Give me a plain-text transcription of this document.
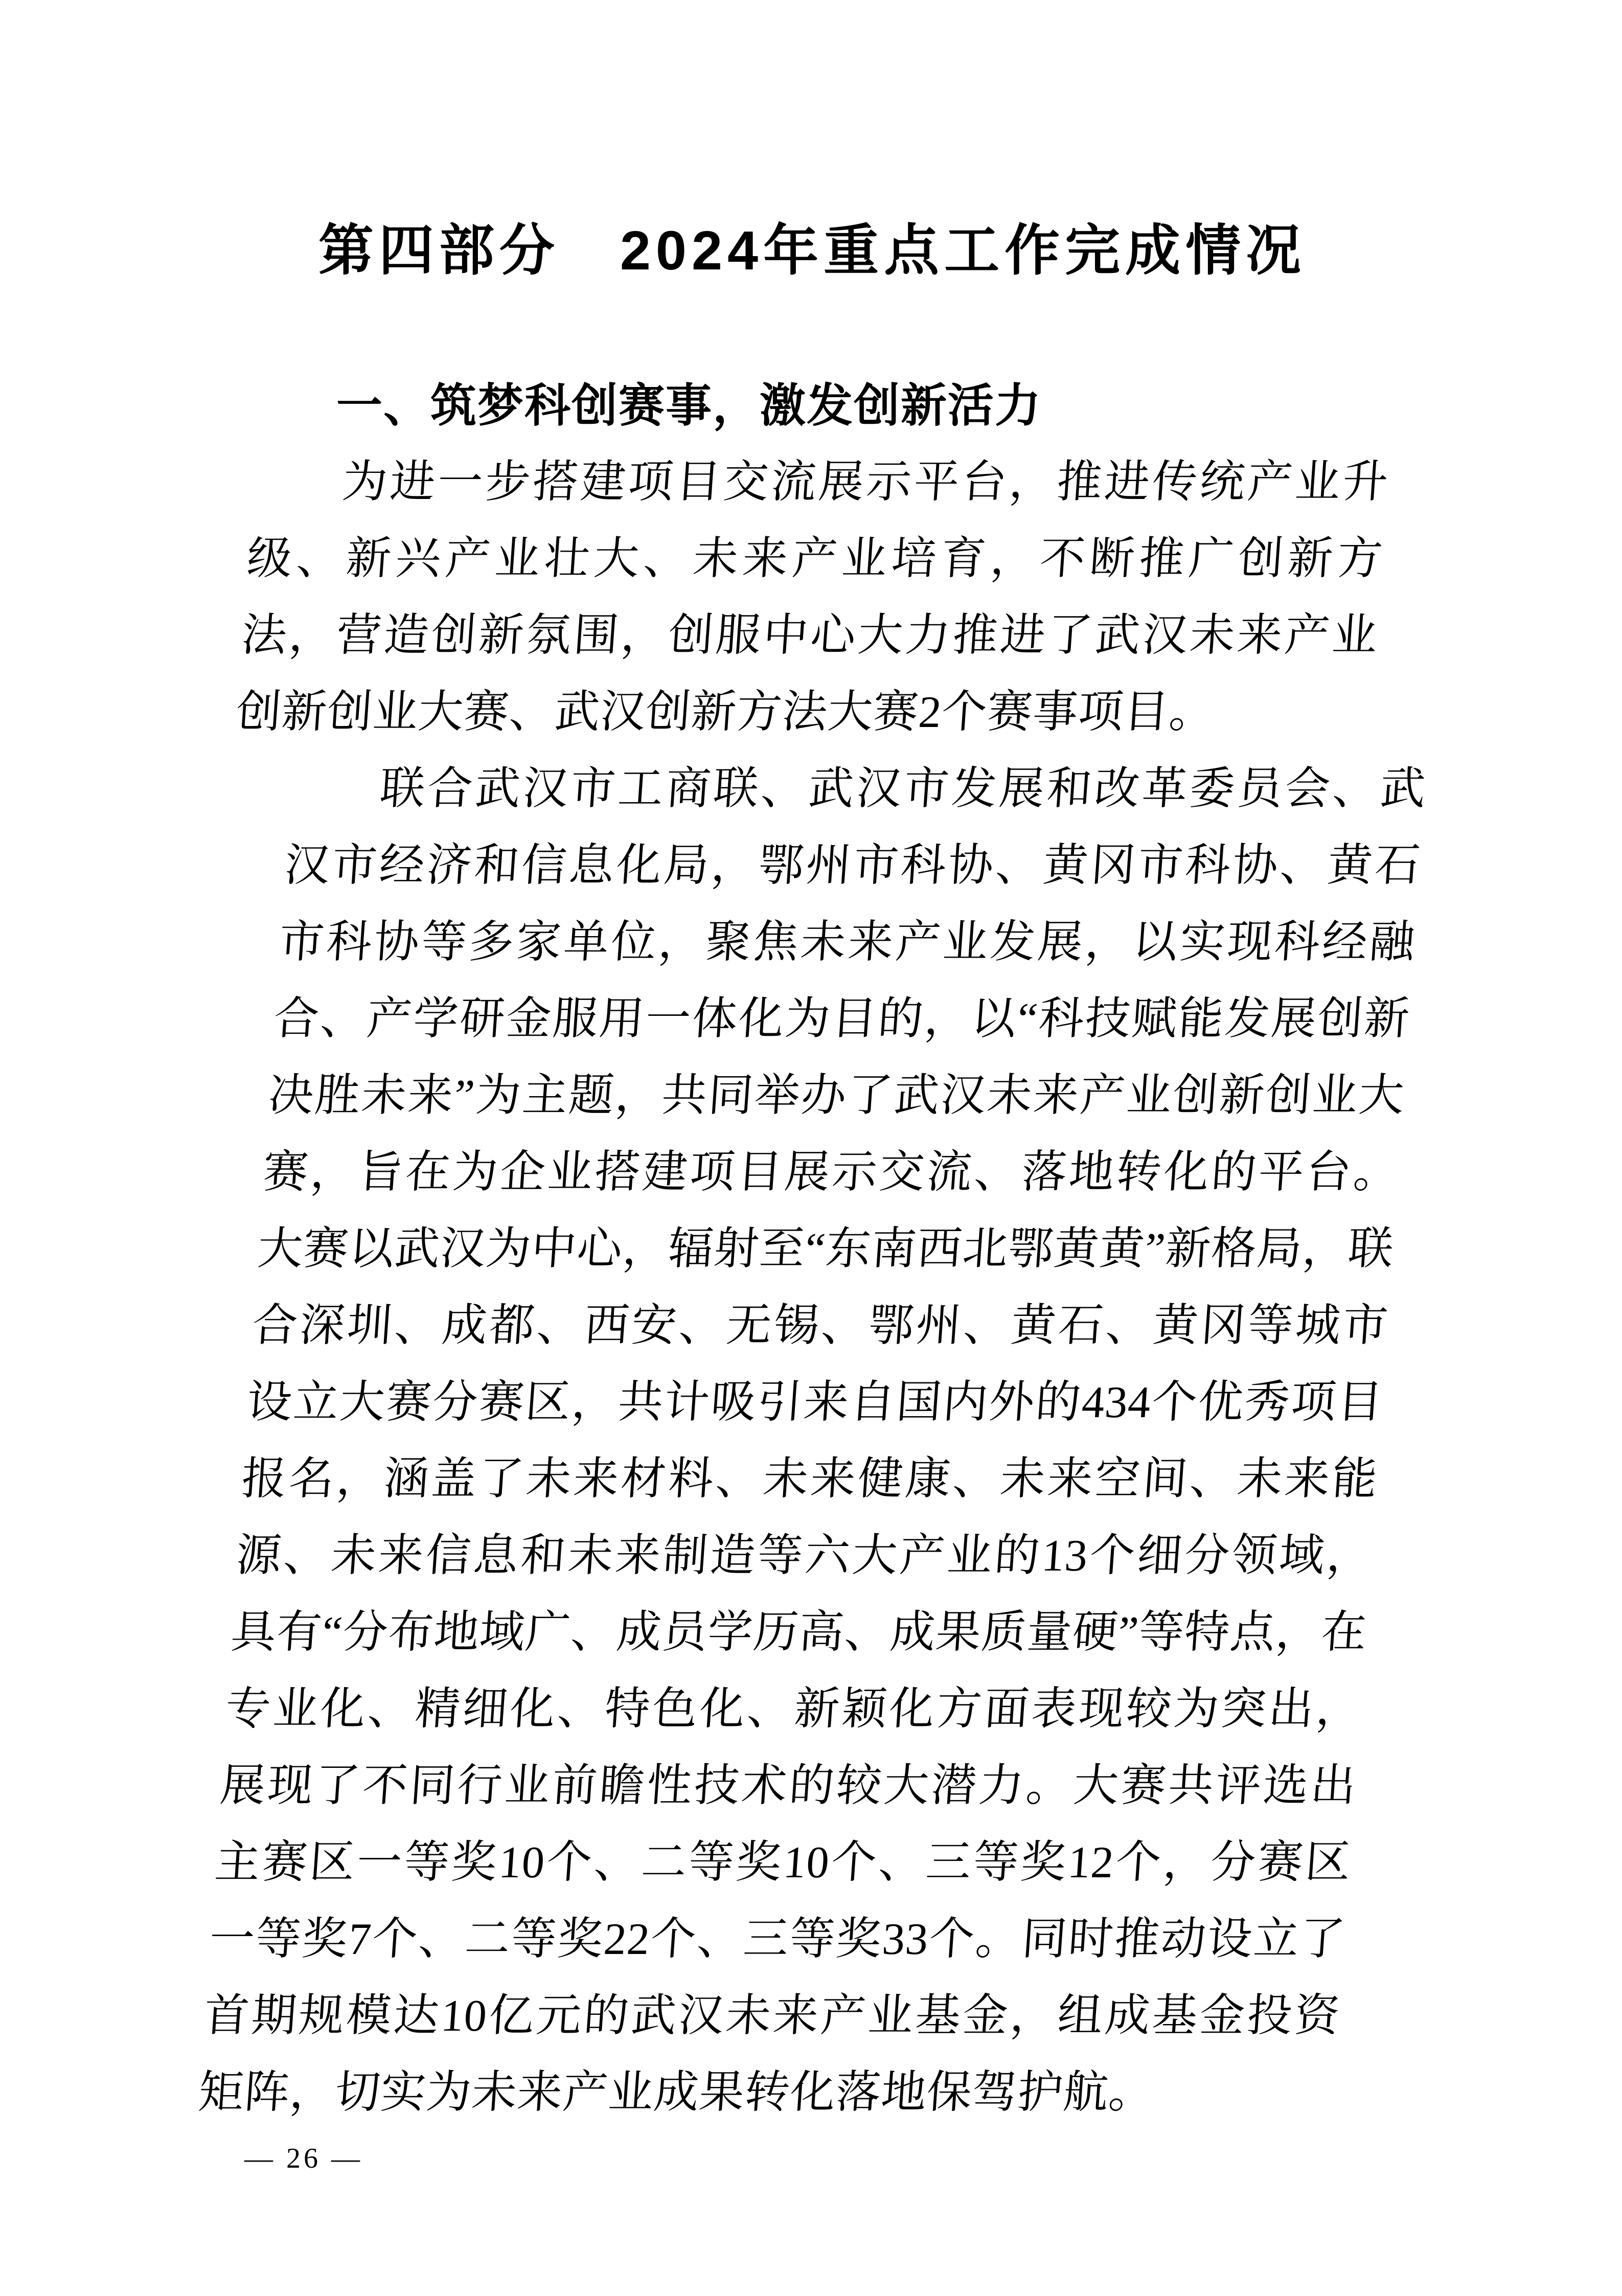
第四部分　2024年重点工作完成情况
一、筑梦科创赛事，激发创新活力

为进一步搭建项目交流展示平台，推进传统产业升级、新兴产业壮大、未来产业培育，不断推广创新方法，营造创新氛围，创服中心大力推进了武汉未来产业创新创业大赛、武汉创新方法大赛2个赛事项目。

联合武汉市工商联、武汉市发展和改革委员会、武汉市经济和信息化局，鄂州市科协、黄冈市科协、黄石市科协等多家单位，聚焦未来产业发展，以实现科经融合、产学研金服用一体化为目的，以“科技赋能发展创新决胜未来”为主题，共同举办了武汉未来产业创新创业大赛，旨在为企业搭建项目展示交流、落地转化的平台。大赛以武汉为中心，辐射至“东南西北鄂黄黄”新格局，联合深圳、成都、西安、无锡、鄂州、黄石、黄冈等城市设立大赛分赛区，共计吸引来自国内外的434个优秀项目报名，涵盖了未来材料、未来健康、未来空间、未来能源、未来信息和未来制造等六大产业的13个细分领域，具有“分布地域广、成员学历高、成果质量硬”等特点，在专业化、精细化、特色化、新颖化方面表现较为突出，展现了不同行业前瞻性技术的较大潜力。大赛共评选出主赛区一等奖10个、二等奖10个、三等奖12个，分赛区一等奖7个、二等奖22个、三等奖33个。同时推动设立了首期规模达10亿元的武汉未来产业基金，组成基金投资矩阵，切实为未来产业成果转化落地保驾护航。

— 26 —
